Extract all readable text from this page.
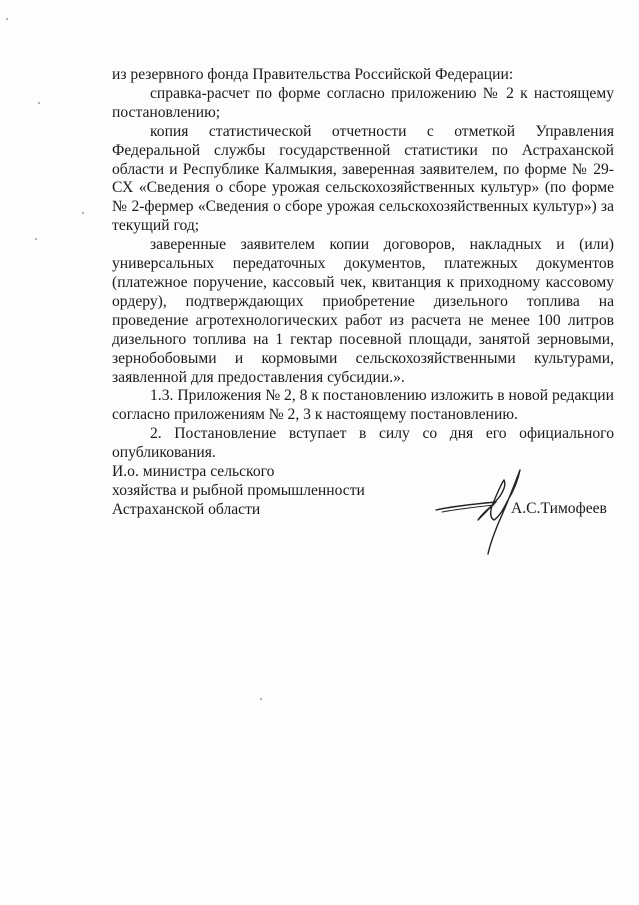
из резервного фонда Правительства Российской Федерации:

справка-расчет по форме согласно приложению № 2 к настоящему постановлению;

копия статистической отчетности с отметкой Управления Федеральной службы государственной статистики по Астраханской области и Республике Калмыкия, заверенная заявителем, по форме № 29-СХ «Сведения о сборе урожая сельскохозяйственных культур» (по форме № 2-фермер «Сведения о сборе урожая сельскохозяйственных культур») за текущий год;

заверенные заявителем копии договоров, накладных и (или) универсальных передаточных документов, платежных документов (платежное поручение, кассовый чек, квитанция к приходному кассовому ордеру), подтверждающих приобретение дизельного топлива на проведение агротехнологических работ из расчета не менее 100 литров дизельного топлива на 1 гектар посевной площади, занятой зерновыми, зернобобовыми и кормовыми сельскохозяйственными культурами, заявленной для предоставления субсидии.».

1.3. Приложения № 2, 8 к постановлению изложить в новой редакции согласно приложениям № 2, 3 к настоящему постановлению.

2. Постановление вступает в силу со дня его официального опубликования.

И.о. министра сельского
хозяйства и рыбной промышленности
Астраханской области	А.С.Тимофеев
